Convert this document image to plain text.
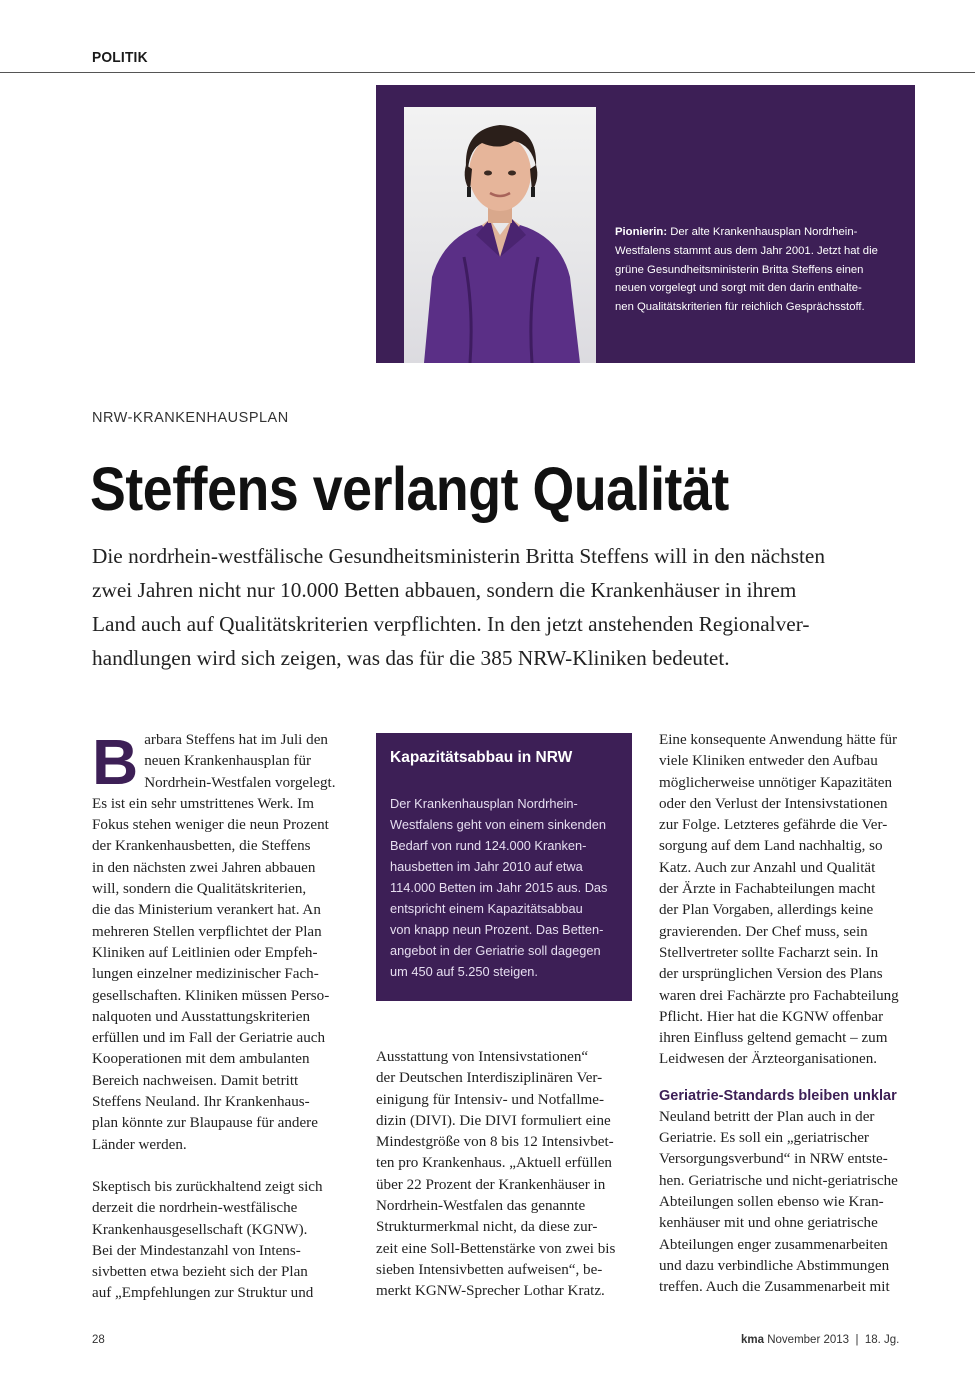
POLITIK
Pionierin: Der alte Krankenhausplan Nordrhein-
Westfalens stammt aus dem Jahr 2001. Jetzt hat die
grüne Gesundheitsministerin Britta Steffens einen
neuen vorgelegt und sorgt mit den darin enthalte-
nen Qualitätskriterien für reichlich Gesprächsstoff.
NRW-KRANKENHAUSPLAN
Steffens verlangt Qualität
Die nordrhein-westfälische Gesundheitsministerin Britta Steffens will in den nächsten
zwei Jahren nicht nur 10.000 Betten abbauen, sondern die Krankenhäuser in ihrem
Land auch auf Qualitätskriterien verpflichten. In den jetzt anstehenden Regionalver-
handlungen wird sich zeigen, was das für die 385 NRW-Kliniken bedeutet.
B arbara Steffens hat im Juli den
neuen Krankenhausplan für
Nordrhein-Westfalen vorgelegt.
Es ist ein sehr umstrittenes Werk. Im
Fokus stehen weniger die neun Prozent
der Krankenhausbetten, die Steffens
in den nächsten zwei Jahren abbauen
will, sondern die Qualitätskriterien,
die das Ministerium verankert hat. An
mehreren Stellen verpflichtet der Plan
Kliniken auf Leitlinien oder Empfeh-
lungen einzelner medizinischer Fach-
gesellschaften. Kliniken müssen Perso-
nalquoten und Ausstattungskriterien
erfüllen und im Fall der Geriatrie auch
Kooperationen mit dem ambulanten
Bereich nachweisen. Damit betritt
Steffens Neuland. Ihr Krankenhaus-
plan könnte zur Blaupause für andere
Länder werden.
Skeptisch bis zurückhaltend zeigt sich
derzeit die nordrhein-westfälische
Krankenhausgesellschaft (KGNW).
Bei der Mindestanzahl von Intens-
sivbetten etwa bezieht sich der Plan
auf „Empfehlungen zur Struktur und
Kapazitätsabbau in NRW
Der Krankenhausplan Nordrhein-
Westfalens geht von einem sinkenden
Bedarf von rund 124.000 Kranken-
hausbetten im Jahr 2010 auf etwa
114.000 Betten im Jahr 2015 aus. Das
entspricht einem Kapazitätsabbau
von knapp neun Prozent. Das Betten-
angebot in der Geriatrie soll dagegen
um 450 auf 5.250 steigen.
Ausstattung von Intensivstationen“
der Deutschen Interdisziplinären Ver-
einigung für Intensiv- und Notfallme-
dizin (DIVI). Die DIVI formuliert eine
Mindestgröße von 8 bis 12 Intensivbet-
ten pro Krankenhaus. „Aktuell erfüllen
über 22 Prozent der Krankenhäuser in
Nordrhein-Westfalen das genannte
Strukturmerkmal nicht, da diese zur-
zeit eine Soll-Bettenstärke von zwei bis
sieben Intensivbetten aufweisen“, be-
merkt KGNW-Sprecher Lothar Kratz.
Eine konsequente Anwendung hätte für
viele Kliniken entweder den Aufbau
möglicherweise unnötiger Kapazitäten
oder den Verlust der Intensivstationen
zur Folge. Letzteres gefährde die Ver-
sorgung auf dem Land nachhaltig, so
Katz. Auch zur Anzahl und Qualität
der Ärzte in Fachabteilungen macht
der Plan Vorgaben, allerdings keine
gravierenden. Der Chef muss, sein
Stellvertreter sollte Facharzt sein. In
der ursprünglichen Version des Plans
waren drei Fachärzte pro Fachabteilung
Pflicht. Hier hat die KGNW offenbar
ihren Einfluss geltend gemacht – zum
Leidwesen der Ärzteorganisationen.
Geriatrie-Standards bleiben unklar
Neuland betritt der Plan auch in der
Geriatrie. Es soll ein „geriatrischer
Versorgungsverbund“ in NRW entste-
hen. Geriatrische und nicht-geriatrische
Abteilungen sollen ebenso wie Kran-
kenhäuser mit und ohne geriatrische
Abteilungen enger zusammenarbeiten
und dazu verbindliche Abstimmungen
treffen. Auch die Zusammenarbeit mit
28	kma November 2013  |  18. Jg.
